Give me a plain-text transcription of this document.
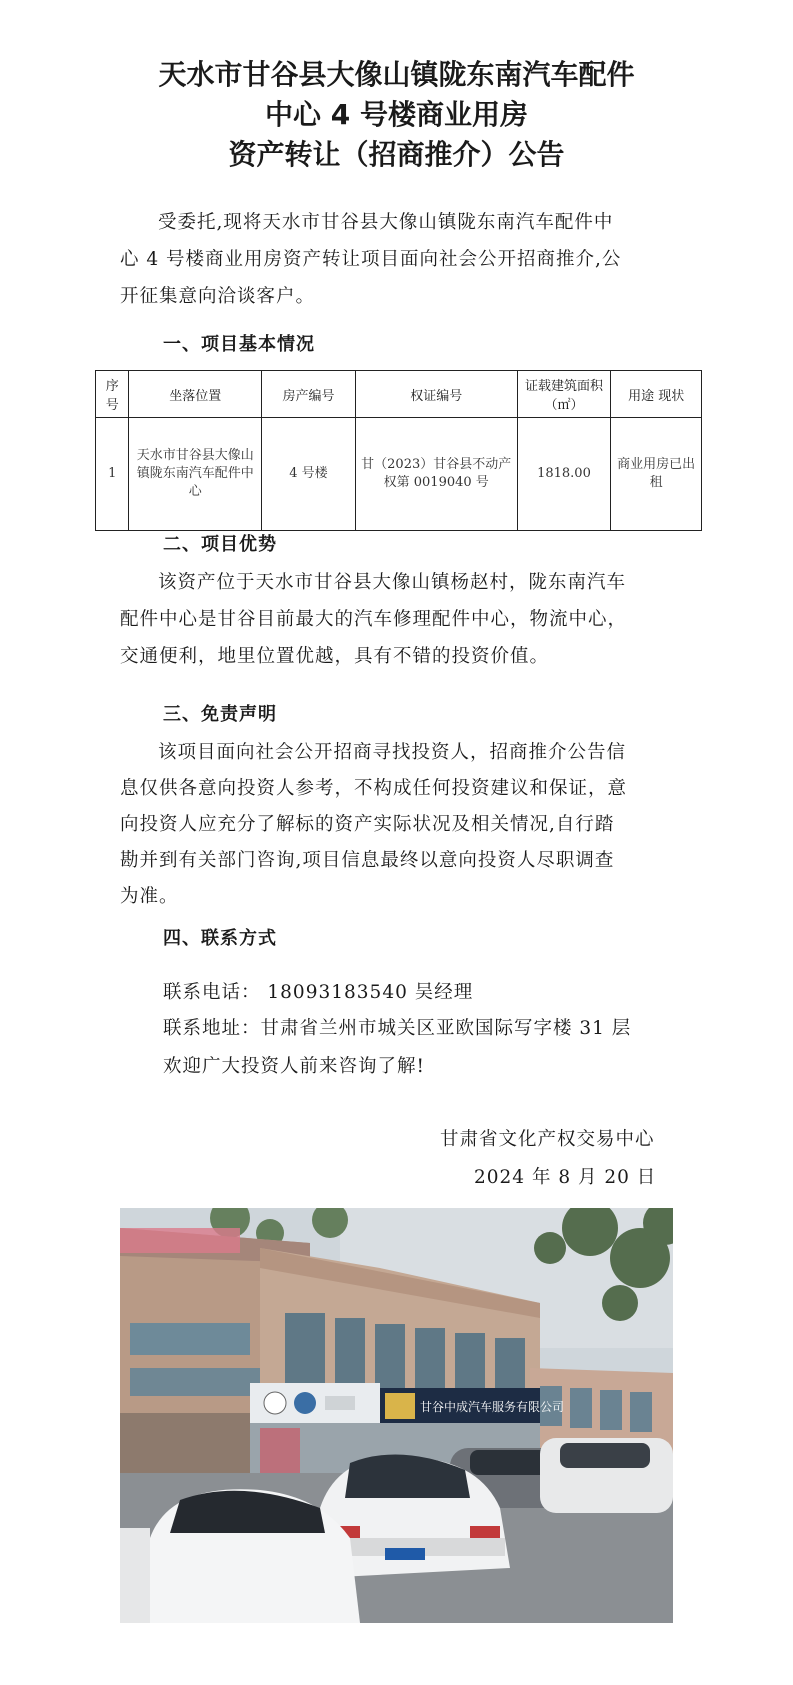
天水市甘谷县大像山镇陇东南汽车配件
中心 4 号楼商业用房
资产转让（招商推介）公告
受委托,现将天水市甘谷县大像山镇陇东南汽车配件中
心 4 号楼商业用房资产转让项目面向社会公开招商推介,公
开征集意向洽谈客户。
一、项目基本情况
序号	坐落位置	房产编号	权证编号	证载建筑面积（㎡）	用途 现状
1	天水市甘谷县大像山镇陇东南汽车配件中心	4 号楼	甘（2023）甘谷县不动产权第 0019040 号	1818.00	商业用房已出租
二、项目优势
该资产位于天水市甘谷县大像山镇杨赵村，陇东南汽车
配件中心是甘谷目前最大的汽车修理配件中心，物流中心，
交通便利，地里位置优越，具有不错的投资价值。
三、免责声明
该项目面向社会公开招商寻找投资人，招商推介公告信
息仅供各意向投资人参考，不构成任何投资建议和保证，意
向投资人应充分了解标的资产实际状况及相关情况,自行踏
勘并到有关部门咨询,项目信息最终以意向投资人尽职调查
为准。
四、联系方式
联系电话： 18093183540 吴经理
联系地址：甘肃省兰州市城关区亚欧国际写字楼 31 层
欢迎广大投资人前来咨询了解!
甘肃省文化产权交易中心
2024 年 8 月 20 日
甘谷中成汽车服务有限公司
